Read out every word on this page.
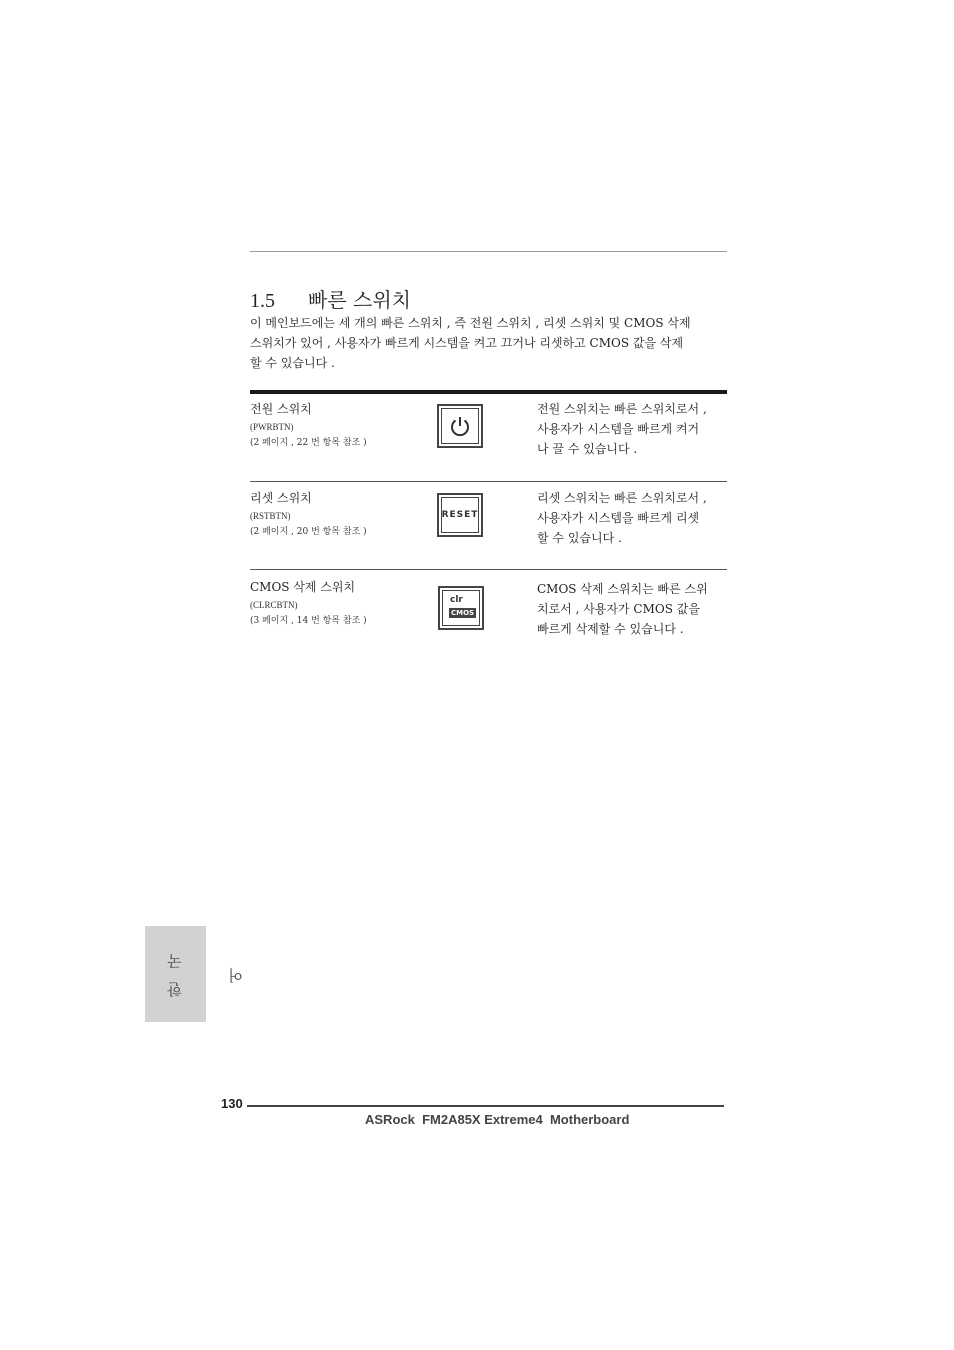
1.5 빠른 스위치
이 메인보드에는 세 개의 빠른 스위치 , 즉 전원 스위치 , 리셋 스위치 및 CMOS 삭제
스위치가 있어 , 사용자가 빠르게 시스템을 켜고 끄거나 리셋하고 CMOS 값을 삭제
할 수 있습니다 .
전원 스위치
(PWRBTN)
(2 페이지 , 22 번 항목 참조 )
전원 스위치는 빠른 스위치로서 ,
사용자가 시스템을 빠르게 켜거
나 끌 수 있습니다 .
리셋 스위치
(RSTBTN)
(2 페이지 , 20 번 항목 참조 )
RESET
리셋 스위치는 빠른 스위치로서 ,
사용자가 시스템을 빠르게 리셋
할 수 있습니다 .
CMOS 삭제 스위치
(CLRCBTN)
(3 페이지 , 14 번 항목 참조 )
clr
CMOS
CMOS 삭제 스위치는 빠른 스위
치로서 , 사용자가 CMOS 값을
빠르게 삭제할 수 있습니다 .
한 국 어
130
ASRock  FM2A85X Extreme4  Motherboard
